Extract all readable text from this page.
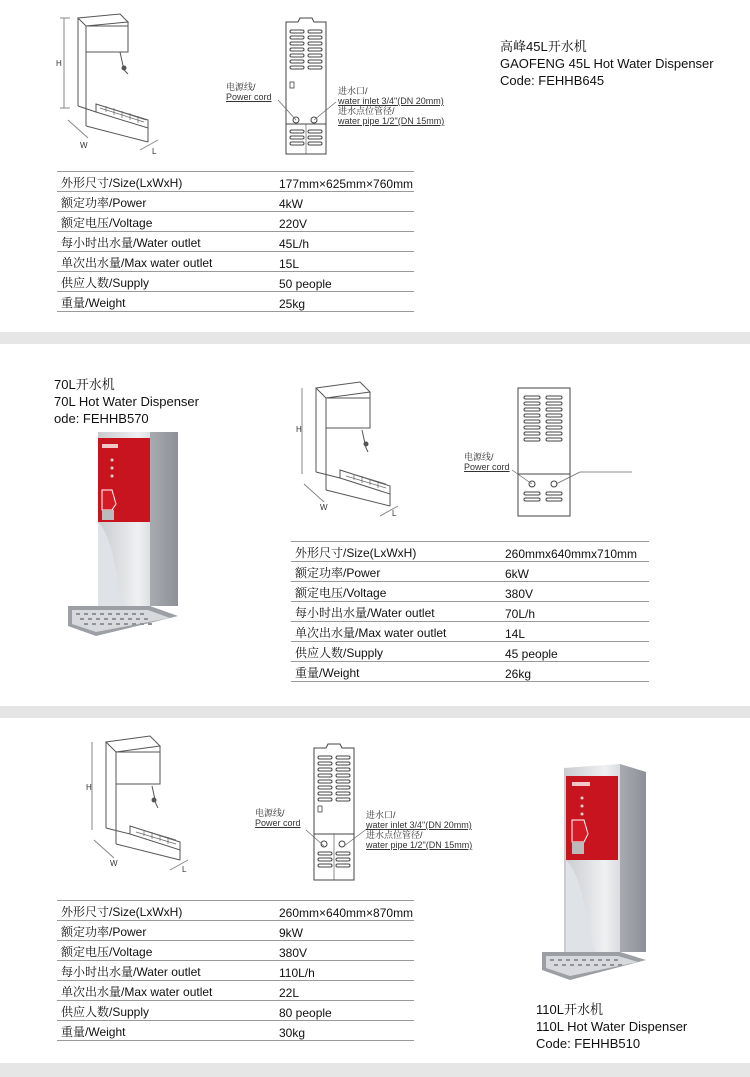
H
W
L
电源线/
Power cord
进水口/
water inlet 3/4"(DN 20mm)
进水点位管径/
water pipe 1/2"(DN 15mm)
高峰45L开水机
GAOFENG 45L Hot Water Dispenser
Code: FEHHB645
外形尺寸/Size(LxWxH)	177mm×625mm×760mm
额定功率/Power	4kW
额定电压/Voltage	220V
每小时出水量/Water outlet	45L/h
单次出水量/Max water outlet	15L
供应人数/Supply	50 people
重量/Weight	25kg
70L开水机
70L Hot Water Dispenser
ode: FEHHB570
H
W
L
电源线/
Power cord
外形尺寸/Size(LxWxH)	260mmx640mmx710mm
额定功率/Power	6kW
额定电压/Voltage	380V
每小时出水量/Water outlet	70L/h
单次出水量/Max water outlet	14L
供应人数/Supply	45 people
重量/Weight	26kg
H
W
L
电源线/
Power cord
进水口/
water inlet 3/4"(DN 20mm)
进水点位管径/
water pipe 1/2"(DN 15mm)
外形尺寸/Size(LxWxH)	260mm×640mm×870mm
额定功率/Power	9kW
额定电压/Voltage	380V
每小时出水量/Water outlet	110L/h
单次出水量/Max water outlet	22L
供应人数/Supply	80 people
重量/Weight	30kg
110L开水机
110L Hot Water Dispenser
Code: FEHHB510
